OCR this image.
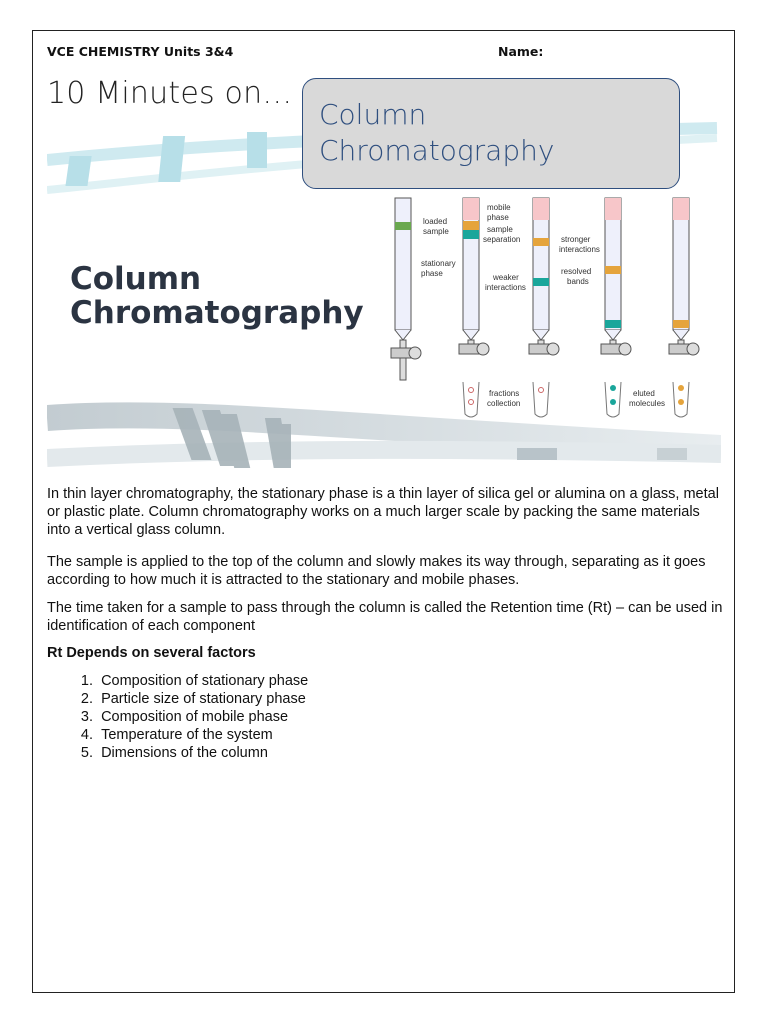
VCE CHEMISTRY Units 3&4	Name:
10 Minutes on…
Column
Chromatography
Column
Chromatography
loaded
sample
stationary
phase
mobile
phase
sample
separation	stronger
interactions
weaker
interactions
resolved
bands
fractions
collection
eluted
molecules
In thin layer chromatography, the stationary phase is a thin layer of silica gel or alumina on a glass, metal or plastic plate. Column chromatography works on a much larger scale by packing the same materials into a vertical glass column.
The sample is applied to the top of the column and slowly makes its way through, separating as it goes according to how much it is attracted to the stationary and mobile phases.
The time taken for a sample to pass through the column is called the Retention time (Rt) – can be used in identification of each component
Rt Depends on several factors
1.
Composition of stationary phase
2.
Particle size of stationary phase
3.
Composition of mobile phase
4.
Temperature of the system
5.
Dimensions of the column
